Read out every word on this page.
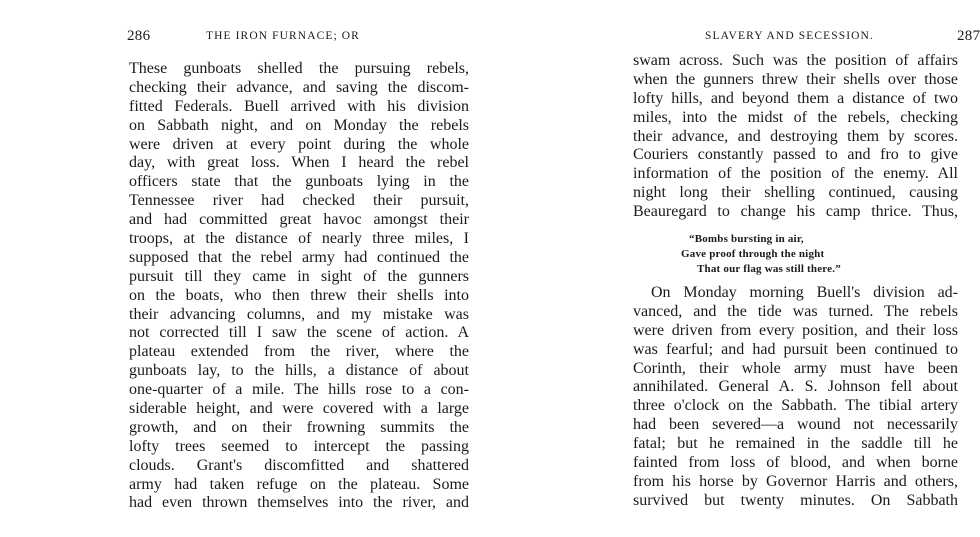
286	THE IRON FURNACE; OR
These gunboats shelled the pursuing rebels,
checking their advance, and saving the discom-
fitted Federals. Buell arrived with his division
on Sabbath night, and on Monday the rebels
were driven at every point during the whole
day, with great loss. When I heard the rebel
officers state that the gunboats lying in the
Tennessee river had checked their pursuit,
and had committed great havoc amongst their
troops, at the distance of nearly three miles, I
supposed that the rebel army had continued the
pursuit till they came in sight of the gunners
on the boats, who then threw their shells into
their advancing columns, and my mistake was
not corrected till I saw the scene of action. A
plateau extended from the river, where the
gunboats lay, to the hills, a distance of about
one-quarter of a mile. The hills rose to a con-
siderable height, and were covered with a large
growth, and on their frowning summits the
lofty trees seemed to intercept the passing
clouds. Grant's discomfitted and shattered
army had taken refuge on the plateau. Some
had even thrown themselves into the river, and
SLAVERY AND SECESSION.	287
swam across. Such was the position of affairs
when the gunners threw their shells over those
lofty hills, and beyond them a distance of two
miles, into the midst of the rebels, checking
their advance, and destroying them by scores.
Couriers constantly passed to and fro to give
information of the position of the enemy. All
night long their shelling continued, causing
Beauregard to change his camp thrice. Thus,
“Bombs bursting in air,
Gave proof through the night
That our flag was still there.”
On Monday morning Buell's division ad-
vanced, and the tide was turned. The rebels
were driven from every position, and their loss
was fearful; and had pursuit been continued to
Corinth, their whole army must have been
annihilated. General A. S. Johnson fell about
three o'clock on the Sabbath. The tibial artery
had been severed—a wound not necessarily
fatal; but he remained in the saddle till he
fainted from loss of blood, and when borne
from his horse by Governor Harris and others,
survived but twenty minutes. On Sabbath
